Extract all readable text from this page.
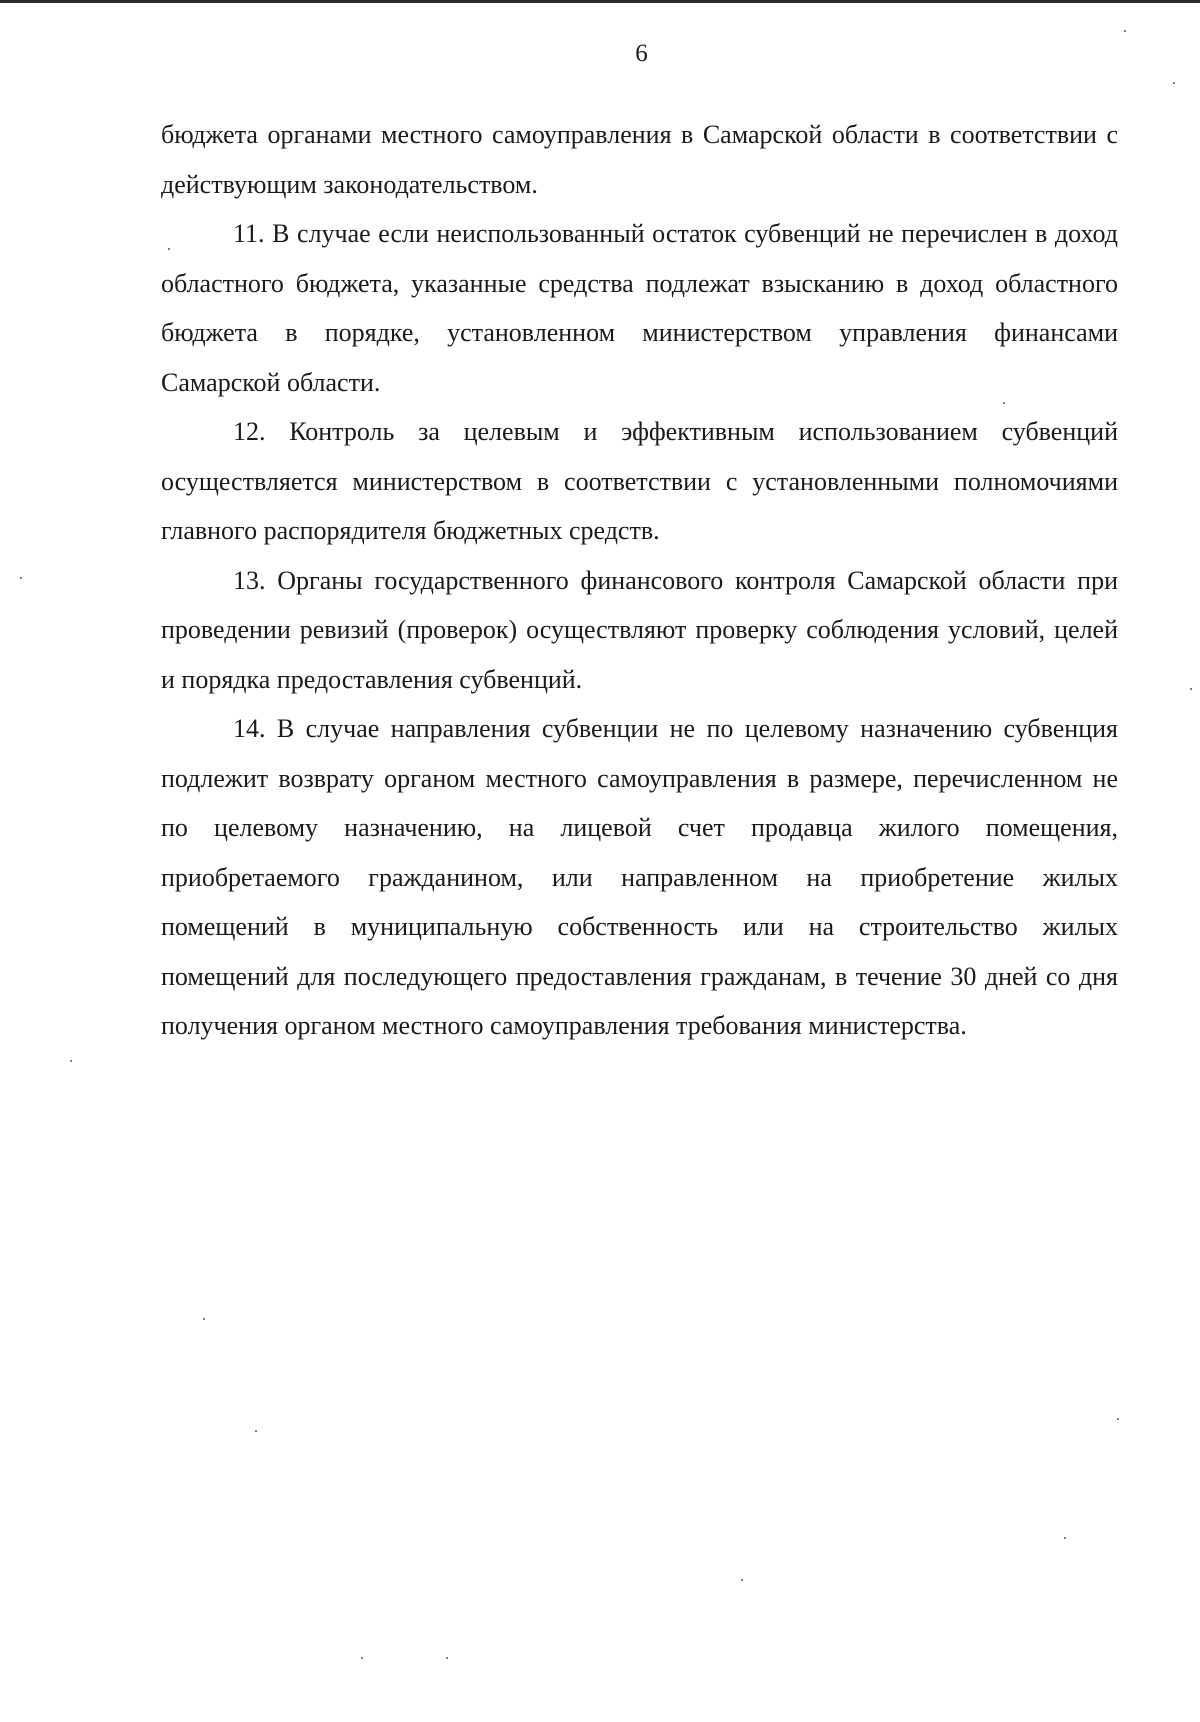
6

бюджета органами местного самоуправления в Самарской области в соответствии с действующим законодательством.

11. В случае если неиспользованный остаток субвенций не перечислен в доход областного бюджета, указанные средства подлежат взысканию в доход областного бюджета в порядке, установленном министерством управления финансами Самарской области.

12. Контроль за целевым и эффективным использованием субвенций осуществляется министерством в соответствии с установленными полномочиями главного распорядителя бюджетных средств.

13. Органы государственного финансового контроля Самарской области при проведении ревизий (проверок) осуществляют проверку соблюдения условий, целей и порядка предоставления субвенций.

14. В случае направления субвенции не по целевому назначению субвенция подлежит возврату органом местного самоуправления в размере, перечисленном не по целевому назначению, на лицевой счет продавца жилого помещения, приобретаемого гражданином, или направленном на приобретение жилых помещений в муниципальную собственность или на строительство жилых помещений для последующего предоставления гражданам, в течение 30 дней со дня получения органом местного самоуправления требования министерства.
